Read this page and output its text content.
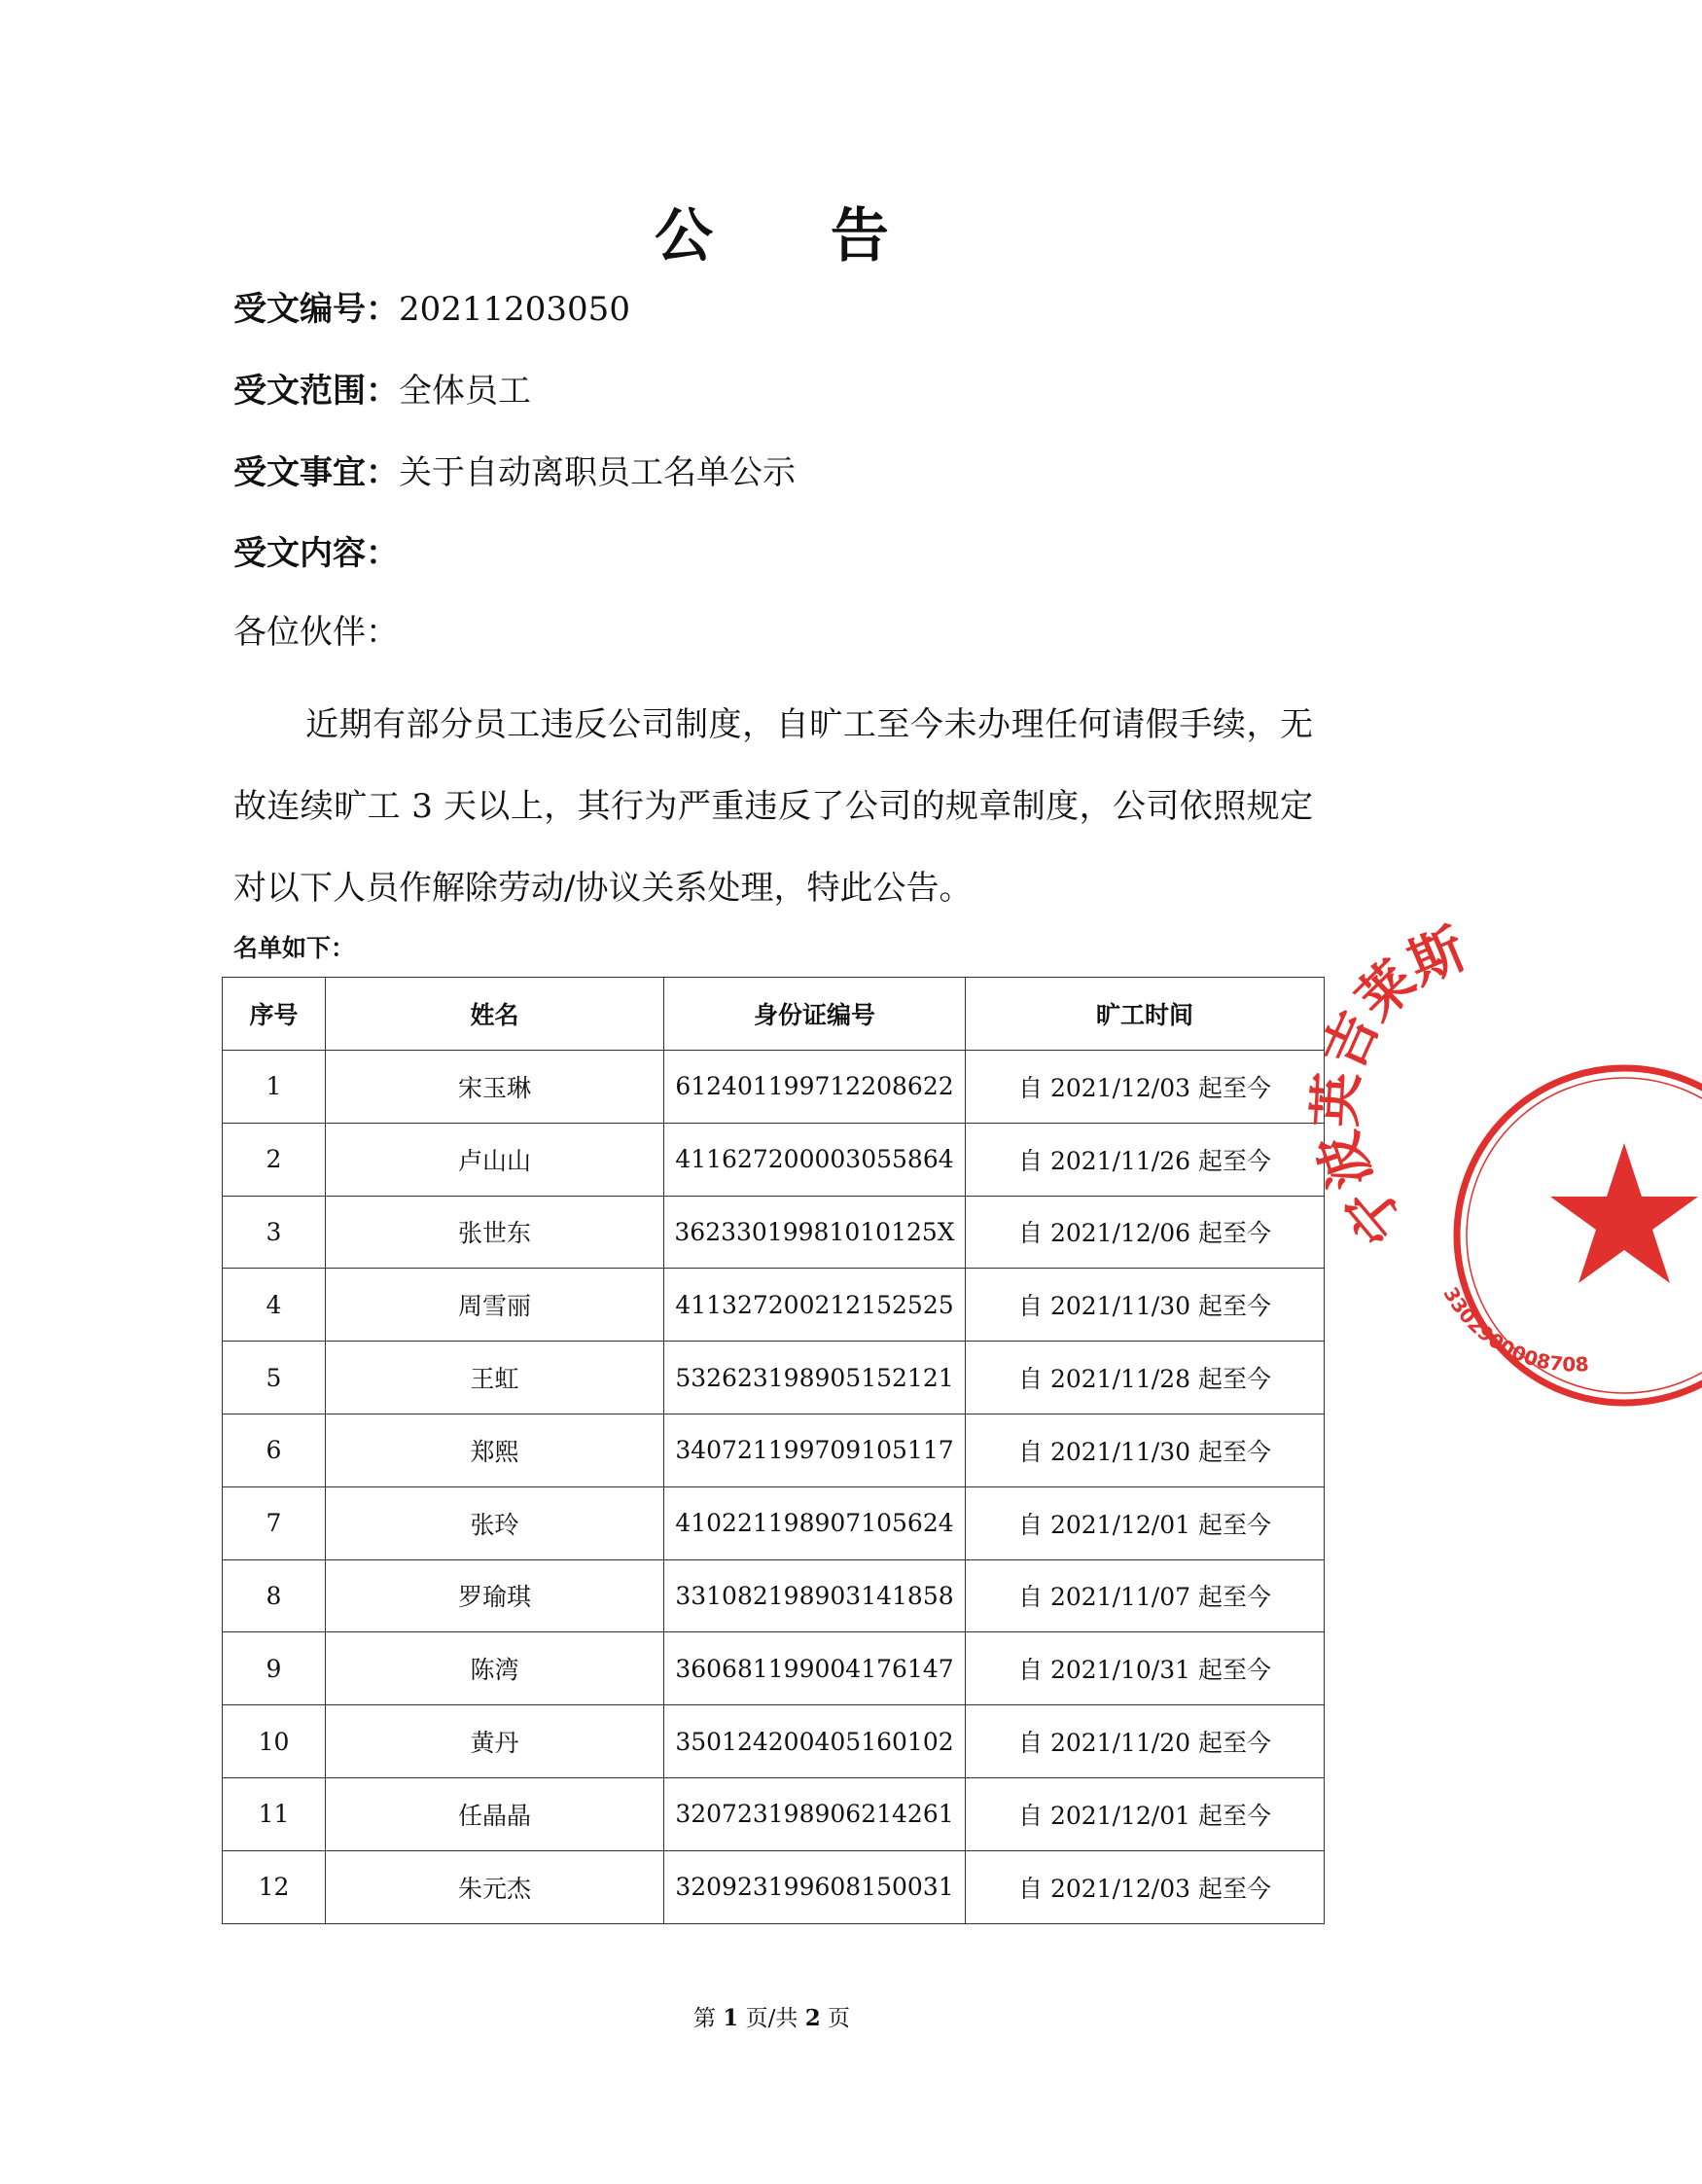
公 告
受文编号：20211203050
受文范围：全体员工
受文事宜：关于自动离职员工名单公示
受文内容：
各位伙伴：

近期有部分员工违反公司制度，自旷工至今未办理任何请假手续，无故连续旷工 3 天以上，其行为严重违反了公司的规章制度，公司依照规定对以下人员作解除劳动/协议关系处理，特此公告。

名单如下：
序号	姓名	身份证编号	旷工时间
1	宋玉琳	612401199712208622	自 2021/12/03 起至今
2	卢山山	411627200003055864	自 2021/11/26 起至今
3	张世东	36233019981010125X	自 2021/12/06 起至今
4	周雪丽	411327200212152525	自 2021/11/30 起至今
5	王虹	532623198905152121	自 2021/11/28 起至今
6	郑熙	340721199709105117	自 2021/11/30 起至今
7	张玲	410221198907105624	自 2021/12/01 起至今
8	罗瑜琪	331082198903141858	自 2021/11/07 起至今
9	陈湾	360681199004176147	自 2021/10/31 起至今
10	黄丹	350124200405160102	自 2021/11/20 起至今
11	任晶晶	320723198906214261	自 2021/12/01 起至今
12	朱元杰	320923199608150031	自 2021/12/03 起至今
第 1 页/共 2 页
宁波英吉莱斯
3302900008708
